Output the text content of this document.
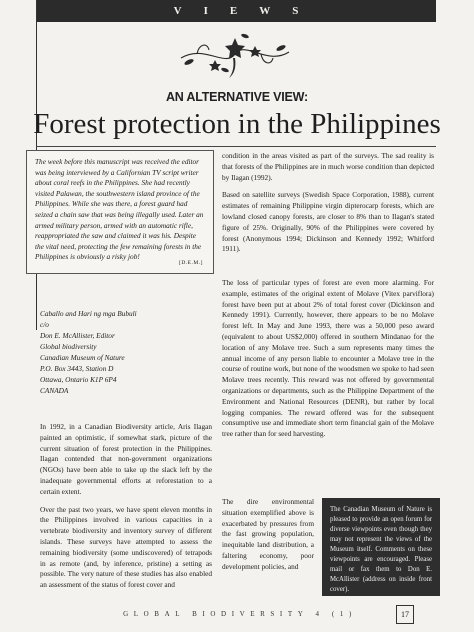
VIEWS
AN ALTERNATIVE VIEW:
Forest protection in the Philippines
The week before this manuscript was received the editor was being interviewed by a Californian TV script writer about coral reefs in the Philippines. She had recently visited Palawan, the southwestern island province of the Philippines. While she was there, a forest guard had seized a chain saw that was being illegally used. Later an armed military person, armed with an automatic rifle, reappropriated the saw and claimed it was his. Despite the vital need, protecting the few remaining forests in the Philippines is obviously a risky job!
[D.E.M.]
Caballo and Hari ng mga Bubuli
c/o
Don E. McAllister, Editor
Global biodiversity
Canadian Museum of Nature
P.O. Box 3443, Station D
Ottawa, Ontario K1P 6P4
CANADA

In 1992, in a Canadian Biodiversity article, Aris Ilagan painted an optimistic, if somewhat stark, picture of the current situation of forest protection in the Philippines. Ilagan contended that non-government organizations (NGOs) have been able to take up the slack left by the inadequate governmental efforts at reforestation to a certain extent.

Over the past two years, we have spent eleven months in the Philippines involved in various capacities in a vertebrate biodiversity and inventory survey of different islands. These surveys have attempted to assess the remaining biodiversity (some undiscovered) of tetrapods in as remote (and, by inference, pristine) a setting as possible. The very nature of these studies has also enabled an assessment of the status of forest cover and

condition in the areas visited as part of the surveys. The sad reality is that forests of the Philippines are in much worse condition than depicted by Ilagan (1992).

Based on satellite surveys (Swedish Space Corporation, 1988), current estimates of remaining Philippine virgin dipterocarp forests, which are lowland closed canopy forests, are closer to 8% than to Ilagan's stated figure of 25%. Originally, 90% of the Philippines were covered by forest (Anonymous 1994; Dickinson and Kennedy 1992; Whitford 1911).

The loss of particular types of forest are even more alarming. For example, estimates of the original extent of Molave (Vitex parviflora) forest have been put at about 2% of total forest cover (Dickinson and Kennedy 1991). Currently, however, there appears to be no Molave forest left. In May and June 1993, there was a 50,000 peso award (equivalent to about US$2,000) offered in southern Mindanao for the location of any Molave tree. Such a sum represents many times the annual income of any person liable to encounter a Molave tree in the course of routine work, but none of the woodsmen we spoke to had seen Molave trees recently. This reward was not offered by governmental organizations or departments, such as the Philippine Department of the Environment and National Resources (DENR), but rather by local logging companies. The reward offered was for the subsequent consumptive use and immediate short term financial gain of the Molave tree rather than for seed harvesting.

The dire environmental situation exemplified above is exacerbated by pressures from the fast growing population, inequitable land distribution, a faltering economy, poor development policies, and

The Canadian Museum of Nature is pleased to provide an open forum for diverse viewpoints even though they may not represent the views of the Museum itself. Comments on these viewpoints are encouraged. Please mail or fax them to Don E. McAllister (address on inside front cover).
GLOBAL BIODIVERSITY 4 (1)	17
